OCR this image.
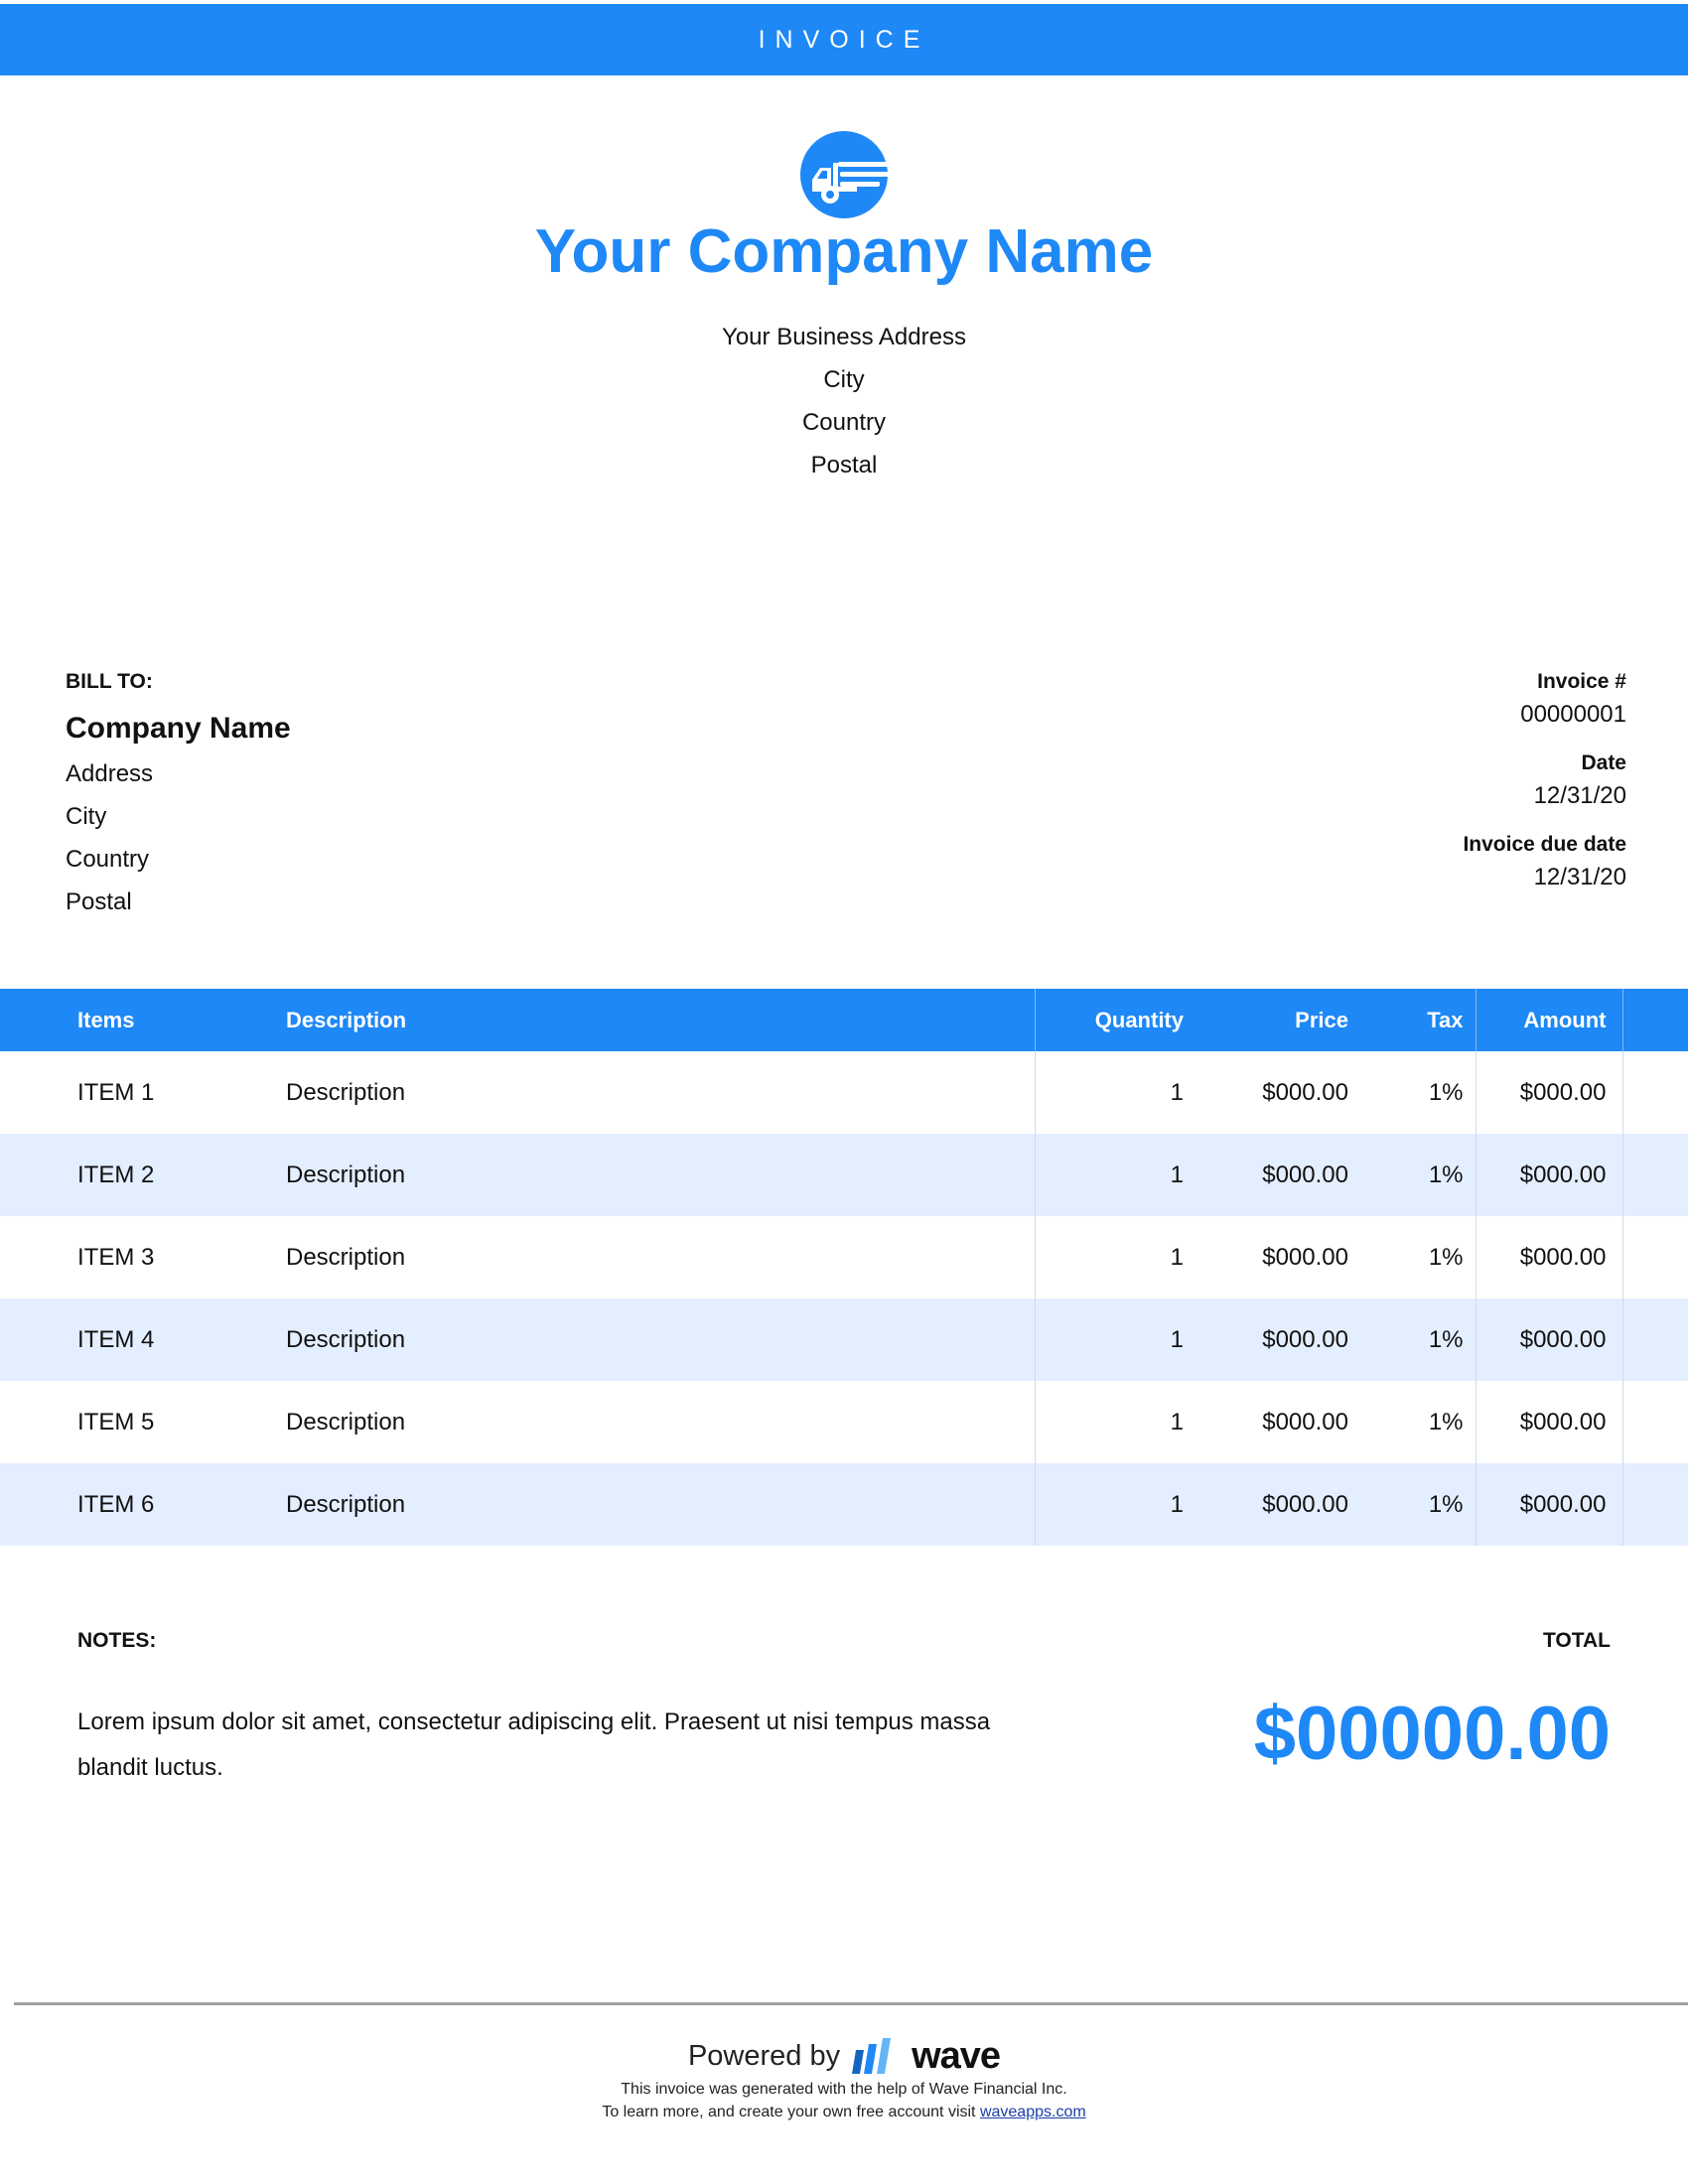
INVOICE
Your Company Name
Your Business Address
City
Country
Postal
BILL TO:
Company Name
Address
City
Country
Postal
Invoice #
00000001
Date
12/31/20
Invoice due date
12/31/20
Items	Description	Quantity	Price	Tax	Amount	
ITEM 1	Description	1	$000.00	1%	$000.00	
ITEM 2	Description	1	$000.00	1%	$000.00	
ITEM 3	Description	1	$000.00	1%	$000.00	
ITEM 4	Description	1	$000.00	1%	$000.00	
ITEM 5	Description	1	$000.00	1%	$000.00	
ITEM 6	Description	1	$000.00	1%	$000.00	
NOTES:
Lorem ipsum dolor sit amet, consectetur adipiscing elit. Praesent ut nisi tempus massa blandit luctus.
TOTAL
$00000.00
Powered by wave
This invoice was generated with the help of Wave Financial Inc.
To learn more, and create your own free account visit waveapps.com
